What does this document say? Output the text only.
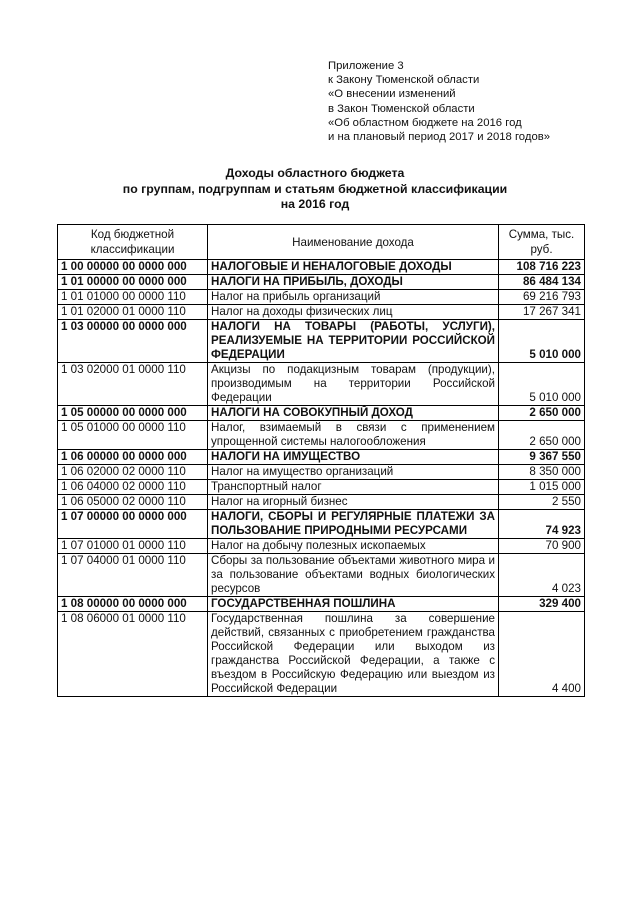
Приложение 3
к Закону Тюменской области
«О внесении изменений
в Закон Тюменской области
«Об областном бюджете на 2016 год
и на плановый период 2017 и 2018 годов»
Доходы областного бюджета
по группам, подгруппам и статьям бюджетной классификации
на 2016 год
Код бюджетной классификации	Наименование дохода	Сумма, тыс. руб.
1 00 00000 00 0000 000	НАЛОГОВЫЕ И НЕНАЛОГОВЫЕ ДОХОДЫ	108 716 223
1 01 00000 00 0000 000	НАЛОГИ НА ПРИБЫЛЬ, ДОХОДЫ	86 484 134
1 01 01000 00 0000 110	Налог на прибыль организаций	69 216 793
1 01 02000 01 0000 110	Налог на доходы физических лиц	17 267 341
1 03 00000 00 0000 000	НАЛОГИ НА ТОВАРЫ (РАБОТЫ, УСЛУГИ), РЕАЛИЗУЕМЫЕ НА ТЕРРИТОРИИ РОССИЙСКОЙ ФЕДЕРАЦИИ	5 010 000
1 03 02000 01 0000 110	Акцизы по подакцизным товарам (продукции), производимым на территории Российской Федерации	5 010 000
1 05 00000 00 0000 000	НАЛОГИ НА СОВОКУПНЫЙ ДОХОД	2 650 000
1 05 01000 00 0000 110	Налог, взимаемый в связи с применением упрощенной системы налогообложения	2 650 000
1 06 00000 00 0000 000	НАЛОГИ НА ИМУЩЕСТВО	9 367 550
1 06 02000 02 0000 110	Налог на имущество организаций	8 350 000
1 06 04000 02 0000 110	Транспортный налог	1 015 000
1 06 05000 02 0000 110	Налог на игорный бизнес	2 550
1 07 00000 00 0000 000	НАЛОГИ, СБОРЫ И РЕГУЛЯРНЫЕ ПЛАТЕЖИ ЗА ПОЛЬЗОВАНИЕ ПРИРОДНЫМИ РЕСУРСАМИ	74 923
1 07 01000 01 0000 110	Налог на добычу полезных ископаемых	70 900
1 07 04000 01 0000 110	Сборы за пользование объектами животного мира и за пользование объектами водных биологических ресурсов	4 023
1 08 00000 00 0000 000	ГОСУДАРСТВЕННАЯ ПОШЛИНА	329 400
1 08 06000 01 0000 110	Государственная пошлина за совершение действий, связанных с приобретением гражданства Российской Федерации или выходом из гражданства Российской Федерации, а также с въездом в Российскую Федерацию или выездом из Российской Федерации	4 400
